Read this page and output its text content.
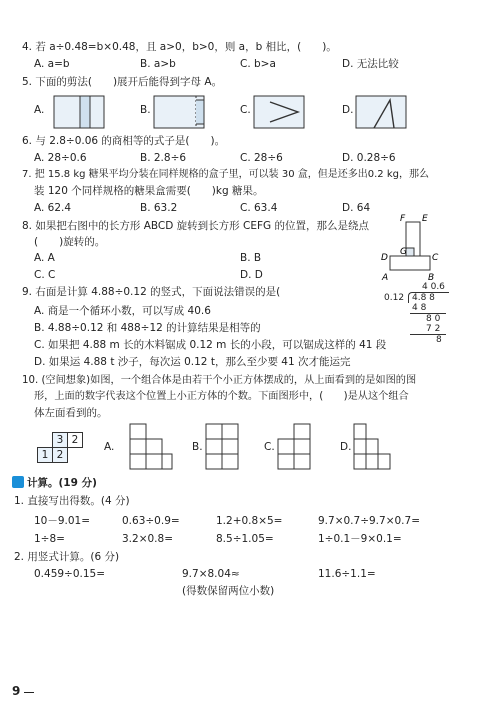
4. 若 a÷0.48=b×0.48，且 a>0，b>0，则 a，b 相比，(　　)。
A. a=b	B. a>b	C. b>a	D. 无法比较
5. 下面的剪法(　　)展开后能得到字母 A。
A.	B.	C.	D.
6. 与 2.8÷0.06 的商相等的式子是(　　)。
A. 28÷0.6	B. 2.8÷6	C. 28÷6	D. 0.28÷6
7. 把 15.8 kg 糖果平均分装在同样规格的盒子里，可以装 30 盒，但是还多出0.2 kg，那么
装 120 个同样规格的糖果盒需要(　　)kg 糖果。
A. 62.4	B. 63.2	C. 63.4	D. 64
8. 如果把右图中的长方形 ABCD 旋转到长方形 CEFG 的位置，那么是绕点
(　　)旋转的。
A. A	B. B
C. C	D. D
F E
G
D	C
A	B
9. 右面是计算 4.88÷0.12 的竖式，下面说法错误的是(
A. 商是一个循环小数，可以写成 40.6̇
B. 4.88÷0.12 和 488÷12 的计算结果是相等的
C. 如果把 4.88 m 长的木料锯成 0.12 m 长的小段，可以锯成这样的 41 段
D. 如果运 4.88 t 沙子，每次运 0.12 t，那么至少要 41 次才能运完
4 0.6
0.12 4.8 8
4 8
8 0
7 2
8
10. (空间想象)如图，一个组合体是由若干个小正方体摆成的，从上面看到的是如图的图
形，上面的数字代表这个位置上小正方体的个数。下面图形中，(　　)是从这个组合
体左面看到的。
3 2
1 2
A.	B.	C.	D.
计算。(19 分)
1. 直接写出得数。(4 分)
10－9.01=	0.63÷0.9=	1.2+0.8×5=	9.7×0.7÷9.7×0.7=
1÷8=	3.2×0.8=	8.5÷1.05=	1÷0.1－9×0.1=
2. 用竖式计算。(6 分)
0.459÷0.15=	9.7×8.04≈	11.6÷1.1=
(得数保留两位小数)
9
